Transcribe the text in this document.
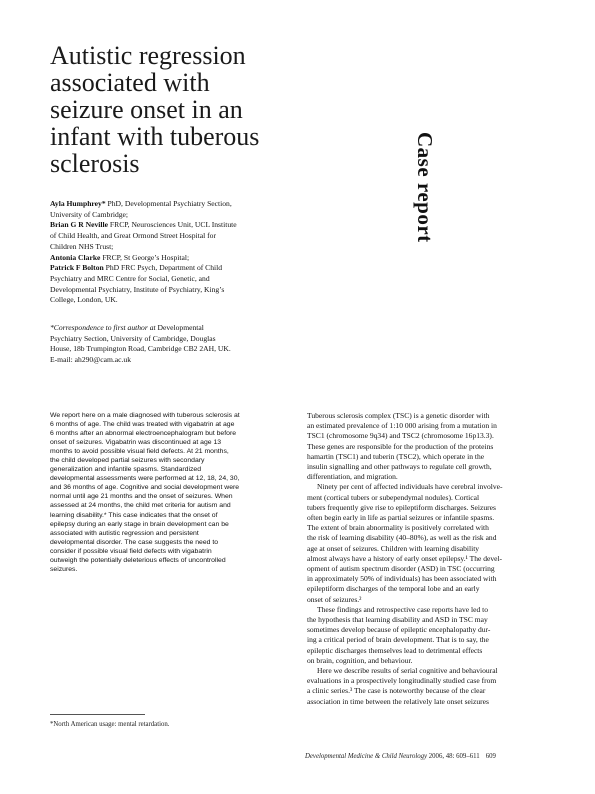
Autistic regression
associated with
seizure onset in an
infant with tuberous
sclerosis	Case report
Ayla Humphrey* PhD, Developmental Psychiatry Section,
University of Cambridge;
Brian G R Neville FRCP, Neurosciences Unit, UCL Institute
of Child Health, and Great Ormond Street Hospital for
Children NHS Trust;
Antonia Clarke FRCP, St George’s Hospital;
Patrick F Bolton PhD FRC Psych, Department of Child
Psychiatry and MRC Centre for Social, Genetic, and
Developmental Psychiatry, Institute of Psychiatry, King’s
College, London, UK.
*Correspondence to first author at Developmental
Psychiatry Section, University of Cambridge, Douglas
House, 18b Trumpington Road, Cambridge CB2 2AH, UK.
E-mail: ah290@cam.ac.uk
We report here on a male diagnosed with tuberous sclerosis at
6 months of age. The child was treated with vigabatrin at age
6 months after an abnormal electroencephalogram but before
onset of seizures. Vigabatrin was discontinued at age 13
months to avoid possible visual field defects. At 21 months,
the child developed partial seizures with secondary
generalization and infantile spasms. Standardized
developmental assessments were performed at 12, 18, 24, 30,
and 36 months of age. Cognitive and social development were
normal until age 21 months and the onset of seizures. When
assessed at 24 months, the child met criteria for autism and
learning disability.* This case indicates that the onset of
epilepsy during an early stage in brain development can be
associated with autistic regression and persistent
developmental disorder. The case suggests the need to
consider if possible visual field defects with vigabatrin
outweigh the potentially deleterious effects of uncontrolled
seizures.
Tuberous sclerosis complex (TSC) is a genetic disorder with
an estimated prevalence of 1:10 000 arising from a mutation in
TSC1 (chromosome 9q34) and TSC2 (chromosome 16p13.3).
These genes are responsible for the production of the proteins
hamartin (TSC1) and tuberin (TSC2), which operate in the
insulin signalling and other pathways to regulate cell growth,
differentiation, and migration.
Ninety per cent of affected individuals have cerebral involve-
ment (cortical tubers or subependymal nodules). Cortical
tubers frequently give rise to epileptiform discharges. Seizures
often begin early in life as partial seizures or infantile spasms.
The extent of brain abnormality is positively correlated with
the risk of learning disability (40–80%), as well as the risk and
age at onset of seizures. Children with learning disability
almost always have a history of early onset epilepsy.¹ The devel-
opment of autism spectrum disorder (ASD) in TSC (occurring
in approximately 50% of individuals) has been associated with
epileptiform discharges of the temporal lobe and an early
onset of seizures.²
These findings and retrospective case reports have led to
the hypothesis that learning disability and ASD in TSC may
sometimes develop because of epileptic encephalopathy dur-
ing a critical period of brain development. That is to say, the
epileptic discharges themselves lead to detrimental effects
on brain, cognition, and behaviour.
Here we describe results of serial cognitive and behavioural
evaluations in a prospectively longitudinally studied case from
a clinic series.³ The case is noteworthy because of the clear
association in time between the relatively late onset seizures
*North American usage: mental retardation.
Developmental Medicine & Child Neurology 2006, 48: 609–611 609
